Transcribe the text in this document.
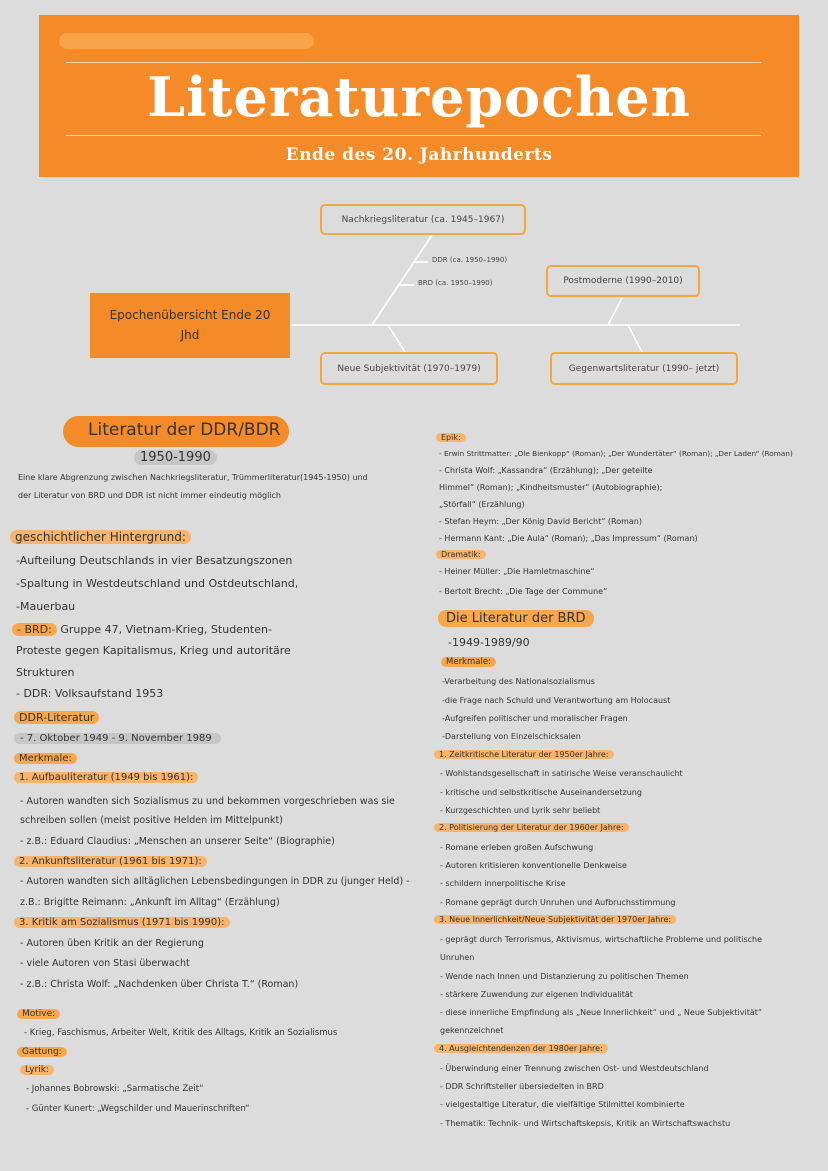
Literaturepochen
Ende des 20. Jahrhunderts
Nachkriegsliteratur (ca. 1945–1967)
DDR (ca. 1950–1990)
BRD (ca. 1950–1990)	Postmoderne (1990–2010)
Epochenübersicht Ende 20 Jhd
Neue Subjektivität (1970–1979)	Gegenwartsliteratur (1990– jetzt)
Literatur der DDR/BDR
1950-1990
Eine klare Abgrenzung zwischen Nachkriegsliteratur, Trümmerliteratur(1945-1950) und
der Literatur von BRD und DDR ist nicht immer eindeutig möglich
geschichtlicher Hintergrund:
-Aufteilung Deutschlands in vier Besatzungszonen
-Spaltung in Westdeutschland und Ostdeutschland,
-Mauerbau
- BRD: Gruppe 47, Vietnam-Krieg, Studenten-
Proteste gegen Kapitalismus, Krieg und autoritäre
Strukturen
- DDR: Volksaufstand 1953
DDR-Literatur
- 7. Oktober 1949 - 9. November 1989
Merkmale:
1. Aufbauliteratur (1949 bis 1961):
- Autoren wandten sich Sozialismus zu und bekommen vorgeschrieben was sie
schreiben sollen (meist positive Helden im Mittelpunkt)
- z.B.: Eduard Claudius: „Menschen an unserer Seite“ (Biographie)
2. Ankunftsliteratur (1961 bis 1971):
- Autoren wandten sich alltäglichen Lebensbedingungen in DDR zu (junger Held) -
z.B.: Brigitte Reimann: „Ankunft im Alltag“ (Erzählung)
3. Kritik am Sozialismus (1971 bis 1990):
- Autoren üben Kritik an der Regierung
- viele Autoren von Stasi überwacht
- z.B.: Christa Wolf: „Nachdenken über Christa T.“ (Roman)
Motive:
- Krieg, Faschismus, Arbeiter Welt, Kritik des Alltags, Kritik an Sozialismus
Gattung:
Lyrik:
- Johannes Bobrowski: „Sarmatische Zeit“
- Günter Kunert: „Wegschilder und Mauerinschriften“
Epik:
- Erwin Strittmatter: „Ole Bienkopp“ (Roman); „Der Wundertäter“ (Roman); „Der Laden“ (Roman)
- Christa Wolf: „Kassandra“ (Erzählung); „Der geteilte
Himmel“ (Roman); „Kindheitsmuster“ (Autobiographie);
„Störfall“ (Erzählung)
- Stefan Heym: „Der König David Bericht“ (Roman)
- Hermann Kant: „Die Aula“ (Roman); „Das Impressum“ (Roman)
Dramatik:
- Heiner Müller: „Die Hamletmaschine“
- Bertolt Brecht: „Die Tage der Commune“
Die Literatur der BRD
-1949-1989/90
Merkmale:
-Verarbeitung des Nationalsozialismus
-die Frage nach Schuld und Verantwortung am Holocaust
-Aufgreifen politischer und moralischer Fragen
-Darstellung von Einzelschicksalen
1. Zeitkritische Literatur der 1950er Jahre:
- Wohlstandsgesellschaft in satirische Weise veranschaulicht
- kritische und selbstkritische Auseinandersetzung
- Kurzgeschichten und Lyrik sehr beliebt
2. Politisierung der Literatur der 1960er Jahre:
- Romane erleben großen Aufschwung
- Autoren kritisieren konventionelle Denkweise
- schildern innerpolitische Krise
- Romane geprägt durch Unruhen und Aufbruchsstimmung
3. Neue Innerlichkeit/Neue Subjektivität der 1970er Jahre:
- geprägt durch Terrorismus, Aktivismus, wirtschaftliche Probleme und politische
Unruhen
- Wende nach Innen und Distanzierung zu politischen Themen
- stärkere Zuwendung zur eigenen Individualität
- diese innerliche Empfindung als „Neue Innerlichkeit“ und „ Neue Subjektivität“
gekennzeichnet
4. Ausgleichtendenzen der 1980er Jahre:
- Überwindung einer Trennung zwischen Ost- und Westdeutschland
- DDR Schriftsteller übersiedelten in BRD
- vielgestaltige Literatur, die vielfältige Stilmittel kombinierte
- Thematik: Technik- und Wirtschaftskepsis, Kritik an Wirtschaftswachstu
